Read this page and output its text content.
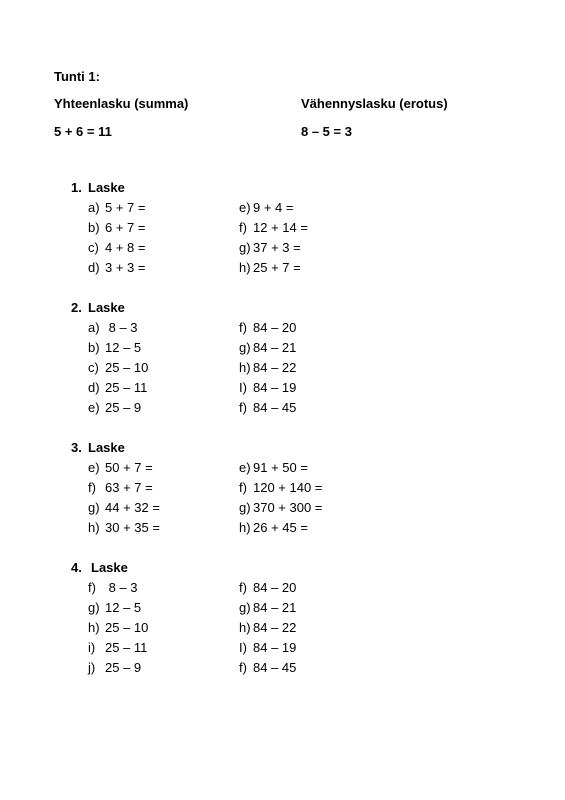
Tunti 1:
Yhteenlasku (summa)	Vähennyslasku (erotus)
5 + 6 = 11	8 – 5 = 3
1. Laske
a) 5 + 7 =
b) 6 + 7 =
c) 4 + 8 =
d) 3 + 3 =
e) 9 + 4 =
f) 12 + 14 =
g) 37 + 3 =
h) 25 + 7 =
2. Laske
a) 8 – 3
b) 12 – 5
c) 25 – 10
d) 25 – 11
e) 25 – 9
f) 84 – 20
g) 84 – 21
h) 84 – 22
I) 84 – 19
f) 84 – 45
3. Laske
e) 50 + 7 =
f) 63 + 7 =
g) 44 + 32 =
h) 30 + 35 =
e) 91 + 50 =
f) 120 + 140 =
g) 370 + 300 =
h) 26 + 45 =
4. Laske
f) 8 – 3
g) 12 – 5
h) 25 – 10
i) 25 – 11
j) 25 – 9
f) 84 – 20
g) 84 – 21
h) 84 – 22
I) 84 – 19
f) 84 – 45
